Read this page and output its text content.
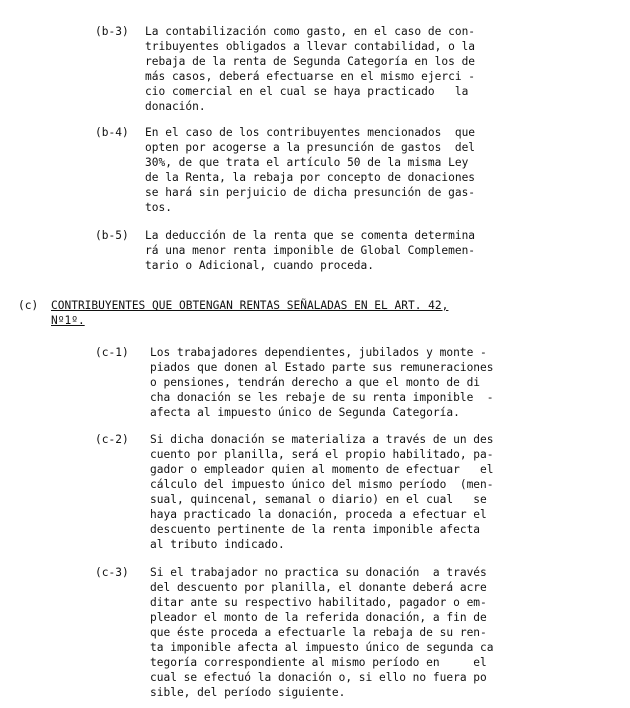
(b-3)	La contabilización como gasto, en el caso de con-
tribuyentes obligados a llevar contabilidad, o la
rebaja de la renta de Segunda Categoría en los de
más casos, deberá efectuarse en el mismo ejerci -
cio comercial en el cual se haya practicado   la
donación.
(b-4)	En el caso de los contribuyentes mencionados  que
opten por acogerse a la presunción de gastos  del
30%, de que trata el artículo 50 de la misma Ley
de la Renta, la rebaja por concepto de donaciones
se hará sin perjuicio de dicha presunción de gas-
tos.
(b-5)	La deducción de la renta que se comenta determina
rá una menor renta imponible de Global Complemen-
tario o Adicional, cuando proceda.
(c)	CONTRIBUYENTES QUE OBTENGAN RENTAS SEÑALADAS EN EL ART. 42,
Nº1º.
(c-1)	Los trabajadores dependientes, jubilados y monte -
piados que donen al Estado parte sus remuneraciones
o pensiones, tendrán derecho a que el monto de di
cha donación se les rebaje de su renta imponible  -
afecta al impuesto único de Segunda Categoría.
(c-2)	Si dicha donación se materializa a través de un des
cuento por planilla, será el propio habilitado, pa-
gador o empleador quien al momento de efectuar   el
cálculo del impuesto único del mismo período  (men-
sual, quincenal, semanal o diario) en el cual   se
haya practicado la donación, proceda a efectuar el
descuento pertinente de la renta imponible afecta
al tributo indicado.
(c-3)	Si el trabajador no practica su donación  a través
del descuento por planilla, el donante deberá acre
ditar ante su respectivo habilitado, pagador o em-
pleador el monto de la referida donación, a fin de
que éste proceda a efectuarle la rebaja de su ren-
ta imponible afecta al impuesto único de segunda ca
tegoría correspondiente al mismo período en     el
cual se efectuó la donación o, si ello no fuera po
sible, del período siguiente.
